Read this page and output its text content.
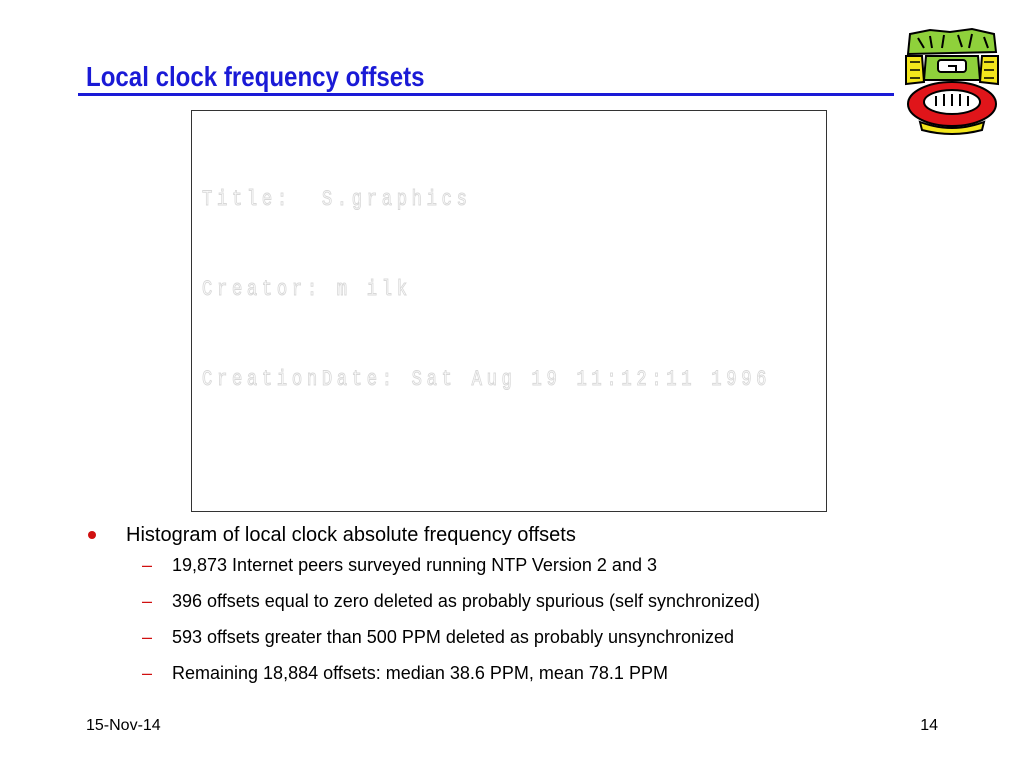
Local clock frequency offsets

Title:  S.graphics

Creator: m ilk

CreationDate: Sat Aug 19 11:12:11 1996

Histogram of local clock absolute frequency offsets
– 19,873 Internet peers surveyed running NTP Version 2 and 3
– 396 offsets equal to zero deleted as probably spurious (self synchronized)
– 593 offsets greater than 500 PPM deleted as probably unsynchronized
– Remaining 18,884 offsets: median 38.6 PPM, mean 78.1 PPM
15-Nov-14	14
